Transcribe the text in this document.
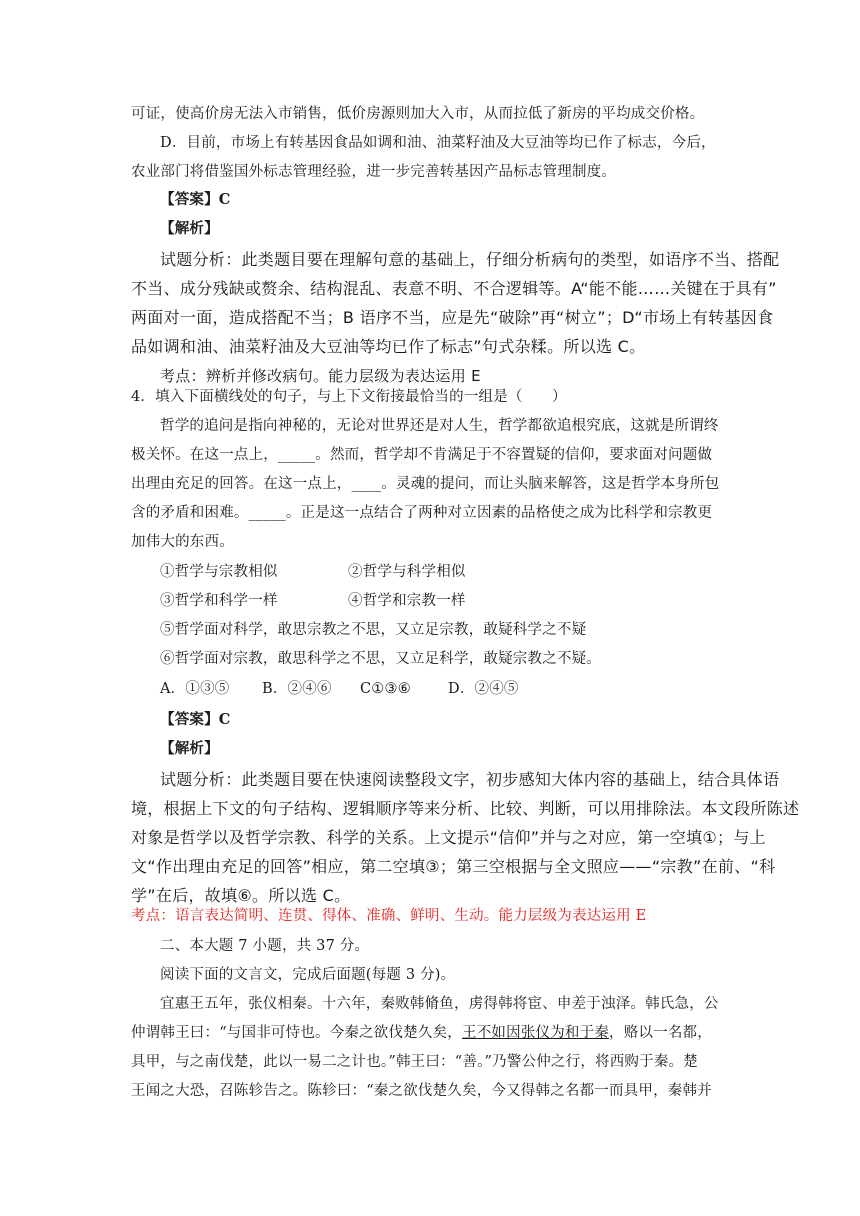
可证，使高价房无法入市销售，低价房源则加大入市，从而拉低了新房的平均成交价格。
D．目前，市场上有转基因食品如调和油、油菜籽油及大豆油等均已作了标志，今后，
农业部门将借鉴国外标志管理经验，进一步完善转基因产品标志管理制度。
【答案】C
【解析】
试题分析：此类题目要在理解句意的基础上，仔细分析病句的类型，如语序不当、搭配
不当、成分残缺或赘余、结构混乱、表意不明、不合逻辑等。A“能不能……关键在于具有”
两面对一面，造成搭配不当；B 语序不当，应是先“破除”再“树立”；D“市场上有转基因食
品如调和油、油菜籽油及大豆油等均已作了标志”句式杂糅。所以选 C。
考点：辨析并修改病句。能力层级为表达运用 E
4．填入下面横线处的句子，与上下文衔接最恰当的一组是（　　）
哲学的追问是指向神秘的，无论对世界还是对人生，哲学都欲追根究底，这就是所谓终
极关怀。在这一点上，_____。然而，哲学却不肯满足于不容置疑的信仰，要求面对问题做
出理由充足的回答。在这一点上，____。灵魂的提问，而让头脑来解答，这是哲学本身所包
含的矛盾和困难。_____。正是这一点结合了两种对立因素的品格使之成为比科学和宗教更
加伟大的东西。
①哲学与宗教相似	②哲学与科学相似
③哲学和科学一样	④哲学和宗教一样
⑤哲学面对科学，敢思宗教之不思，又立足宗教，敢疑科学之不疑
⑥哲学面对宗教，敢思科学之不思，又立足科学，敢疑宗教之不疑。
A．①③⑤ B．②④⑥ C①③⑥	D．②④⑤
【答案】C
【解析】
试题分析：此类题目要在快速阅读整段文字，初步感知大体内容的基础上，结合具体语
境，根据上下文的句子结构、逻辑顺序等来分析、比较、判断，可以用排除法。本文段所陈述
对象是哲学以及哲学宗教、科学的关系。上文提示“信仰”并与之对应，第一空填①；与上
文“作出理由充足的回答”相应，第二空填③；第三空根据与全文照应——“宗教”在前、“科
学”在后，故填⑥。所以选 C。
考点：语言表达简明、连贯、得体、准确、鲜明、生动。能力层级为表达运用 E
二、本大题 7 小题，共 37 分。
阅读下面的文言文，完成后面题(每题 3 分)。
宜惠王五年，张仪相秦。十六年，秦败韩脩鱼，虏得韩将宦、申差于浊泽。韩氏急，公
仲谓韩王曰：“与国非可恃也。今秦之欲伐楚久矣，王不如因张仪为和于秦，赂以一名都，
具甲，与之南伐楚，此以一易二之计也。”韩王曰：“善。”乃警公仲之行，将西购于秦。楚
王闻之大恐，召陈轸告之。陈轸曰：“秦之欲伐楚久矣，今又得韩之名都一而具甲，秦韩并
